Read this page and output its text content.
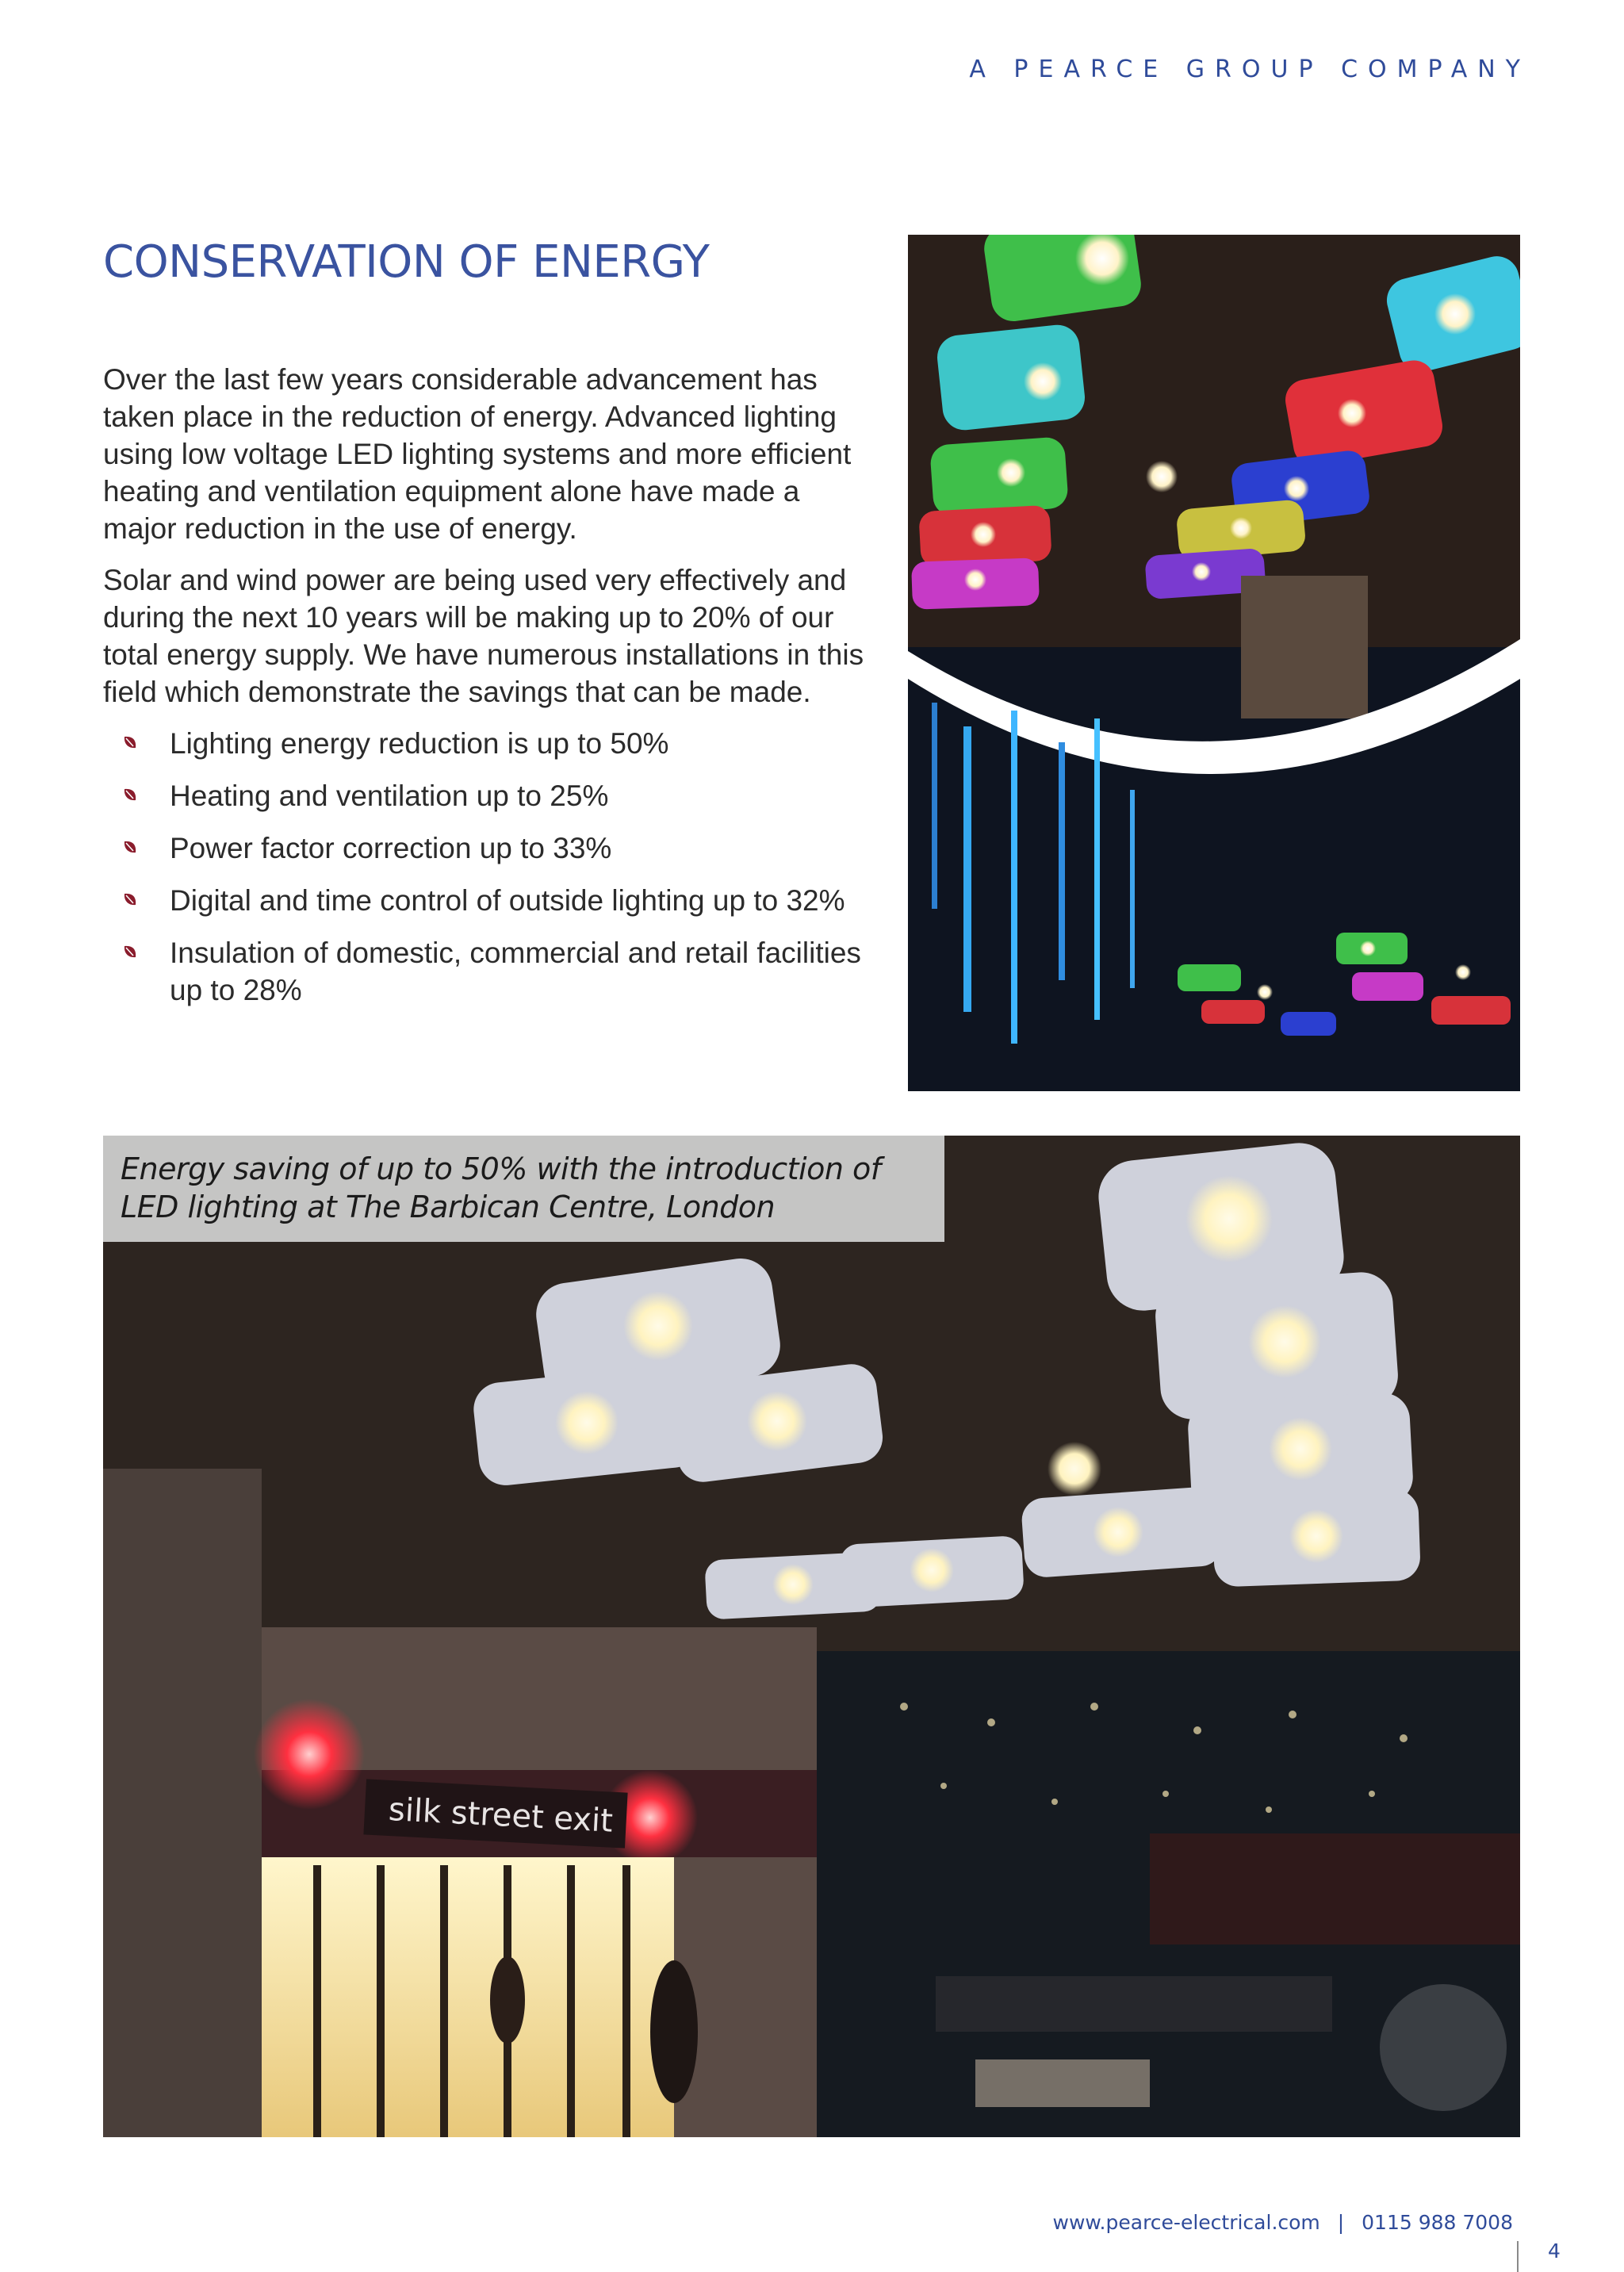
A PEARCE GROUP COMPANY
CONSERVATION OF ENERGY

Over the last few years considerable advancement has taken place in the reduction of energy. Advanced lighting using low voltage LED lighting systems and more efficient heating and ventilation equipment alone have made a major reduction in the use of energy.

Solar and wind power are being used very effectively and during the next 10 years will be making up to 20% of our total energy supply. We have numerous installations in this field which demonstrate the savings that can be made.

Lighting energy reduction is up to 50%
Heating and ventilation up to 25%
Power factor correction up to 33%
Digital and time control of outside lighting up to 32%
Insulation of domestic, commercial and retail facilities up to 28%
silk street exit
Energy saving of up to 50% with the introduction of LED lighting at The Barbican Centre, London
www.pearce-electrical.com | 0115 988 7008
4
